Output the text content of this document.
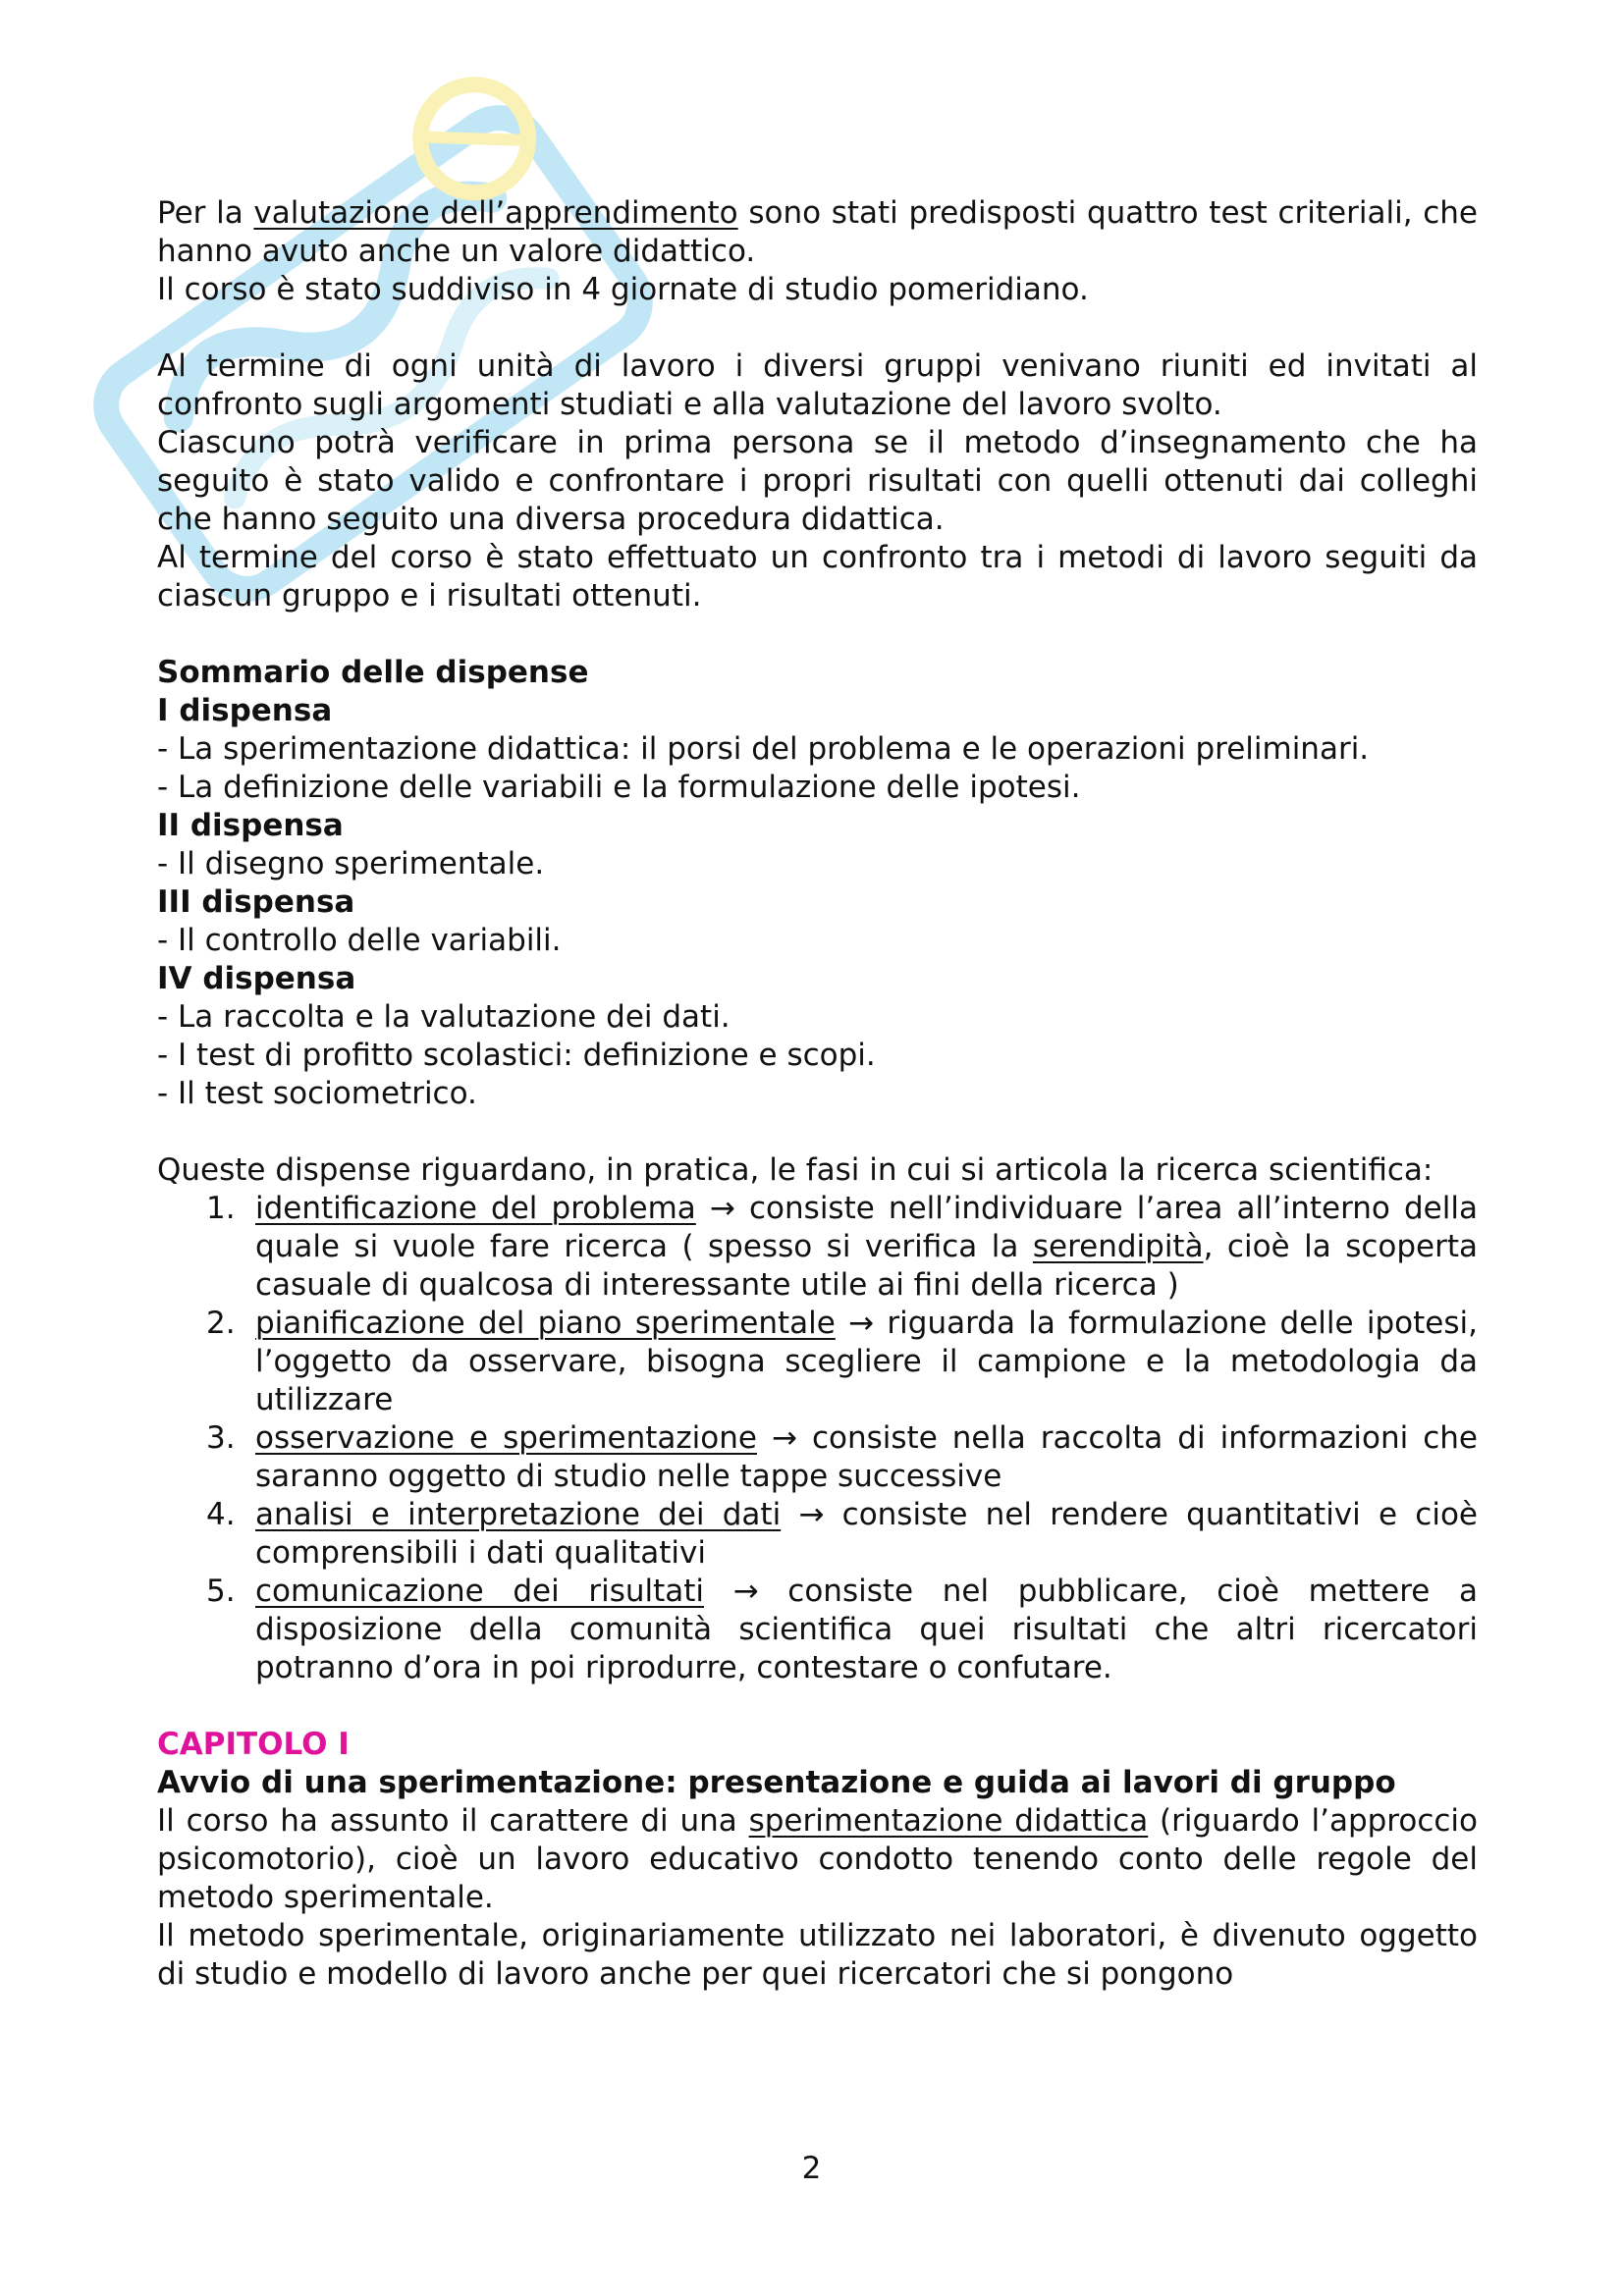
Per la valutazione dell’apprendimento sono stati predisposti quattro test criteriali, che hanno avuto anche un valore didattico.

Il corso è stato suddiviso in 4 giornate di studio pomeridiano.

Al termine di ogni unità di lavoro i diversi gruppi venivano riuniti ed invitati al confronto sugli argomenti studiati e alla valutazione del lavoro svolto.

Ciascuno potrà verificare in prima persona se il metodo d’insegnamento che ha seguito è stato valido e confrontare i propri risultati con quelli ottenuti dai colleghi che hanno seguito una diversa procedura didattica.

Al termine del corso è stato effettuato un confronto tra i metodi di lavoro seguiti da ciascun gruppo e i risultati ottenuti.

Sommario delle dispense

I dispensa

- La sperimentazione didattica: il porsi del problema e le operazioni preliminari.

- La definizione delle variabili e la formulazione delle ipotesi.

II dispensa

- Il disegno sperimentale.

III dispensa

- Il controllo delle variabili.

IV dispensa

- La raccolta e la valutazione dei dati.

- I test di profitto scolastici: definizione e scopi.

- Il test sociometrico.

Queste dispense riguardano, in pratica, le fasi in cui si articola la ricerca scientifica:

1. identificazione del problema → consiste nell’individuare l’area all’interno della quale si vuole fare ricerca ( spesso si verifica la serendipità, cioè la scoperta casuale di qualcosa di interessante utile ai fini della ricerca )
2. pianificazione del piano sperimentale → riguarda la formulazione delle ipotesi, l’oggetto da osservare, bisogna scegliere il campione e la metodologia da utilizzare
3. osservazione e sperimentazione → consiste nella raccolta di informazioni che saranno oggetto di studio nelle tappe successive
4. analisi e interpretazione dei dati → consiste nel rendere quantitativi e cioè comprensibili i dati qualitativi
5. comunicazione dei risultati → consiste nel pubblicare, cioè mettere a disposizione della comunità scientifica quei risultati che altri ricercatori potranno d’ora in poi riprodurre, contestare o confutare.

CAPITOLO I

Avvio di una sperimentazione: presentazione e guida ai lavori di gruppo

Il corso ha assunto il carattere di una sperimentazione didattica (riguardo l’approccio psicomotorio), cioè un lavoro educativo condotto tenendo conto delle regole del metodo sperimentale.

Il metodo sperimentale, originariamente utilizzato nei laboratori, è divenuto oggetto di studio e modello di lavoro anche per quei ricercatori che si pongono

2
